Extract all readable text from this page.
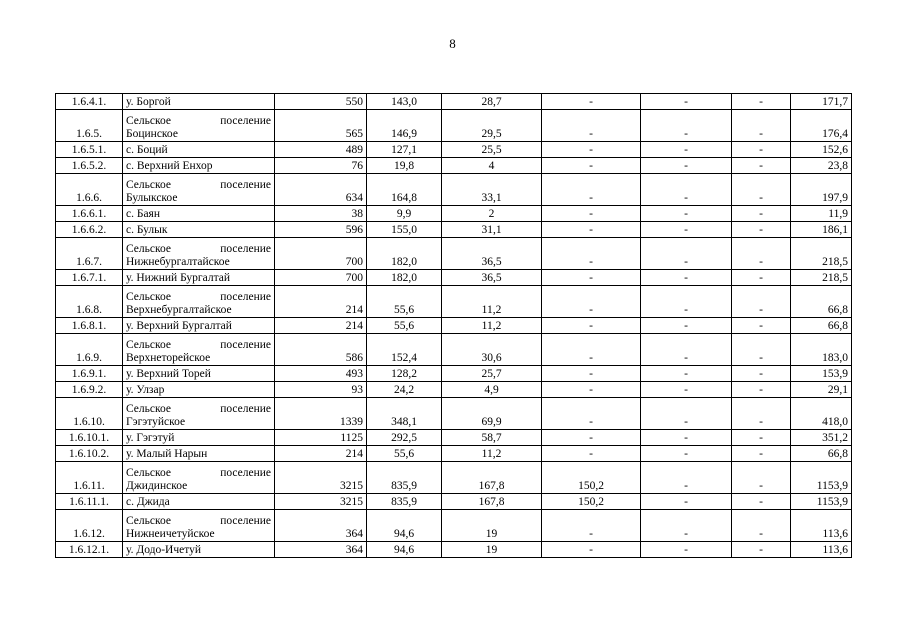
8
1.6.4.1.	у. Боргой	550	143,0	28,7	-	-	-	171,7
1.6.5.	Сельское поселение
Боцинское	565	146,9	29,5	-	-	-	176,4
1.6.5.1.	с. Боций	489	127,1	25,5	-	-	-	152,6
1.6.5.2.	с. Верхний Енхор	76	19,8	4	-	-	-	23,8
1.6.6.	Сельское поселение
Булыкское	634	164,8	33,1	-	-	-	197,9
1.6.6.1.	с. Баян	38	9,9	2	-	-	-	11,9
1.6.6.2.	с. Булык	596	155,0	31,1	-	-	-	186,1
1.6.7.	Сельское поселение
Нижнебургалтайское	700	182,0	36,5	-	-	-	218,5
1.6.7.1.	у. Нижний Бургалтай	700	182,0	36,5	-	-	-	218,5
1.6.8.	Сельское поселение
Верхнебургалтайское	214	55,6	11,2	-	-	-	66,8
1.6.8.1.	у. Верхний Бургалтай	214	55,6	11,2	-	-	-	66,8
1.6.9.	Сельское поселение
Верхнеторейское	586	152,4	30,6	-	-	-	183,0
1.6.9.1.	у. Верхний Торей	493	128,2	25,7	-	-	-	153,9
1.6.9.2.	у. Улзар	93	24,2	4,9	-	-	-	29,1
1.6.10.	Сельское поселение
Гэгэтуйское	1339	348,1	69,9	-	-	-	418,0
1.6.10.1.	у. Гэгэтуй	1125	292,5	58,7	-	-	-	351,2
1.6.10.2.	у. Малый Нарын	214	55,6	11,2	-	-	-	66,8
1.6.11.	Сельское поселение
Джидинское	3215	835,9	167,8	150,2	-	-	1153,9
1.6.11.1.	с. Джида	3215	835,9	167,8	150,2	-	-	1153,9
1.6.12.	Сельское поселение
Нижнеичетуйское	364	94,6	19	-	-	-	113,6
1.6.12.1.	у. Додо-Ичетуй	364	94,6	19	-	-	-	113,6
